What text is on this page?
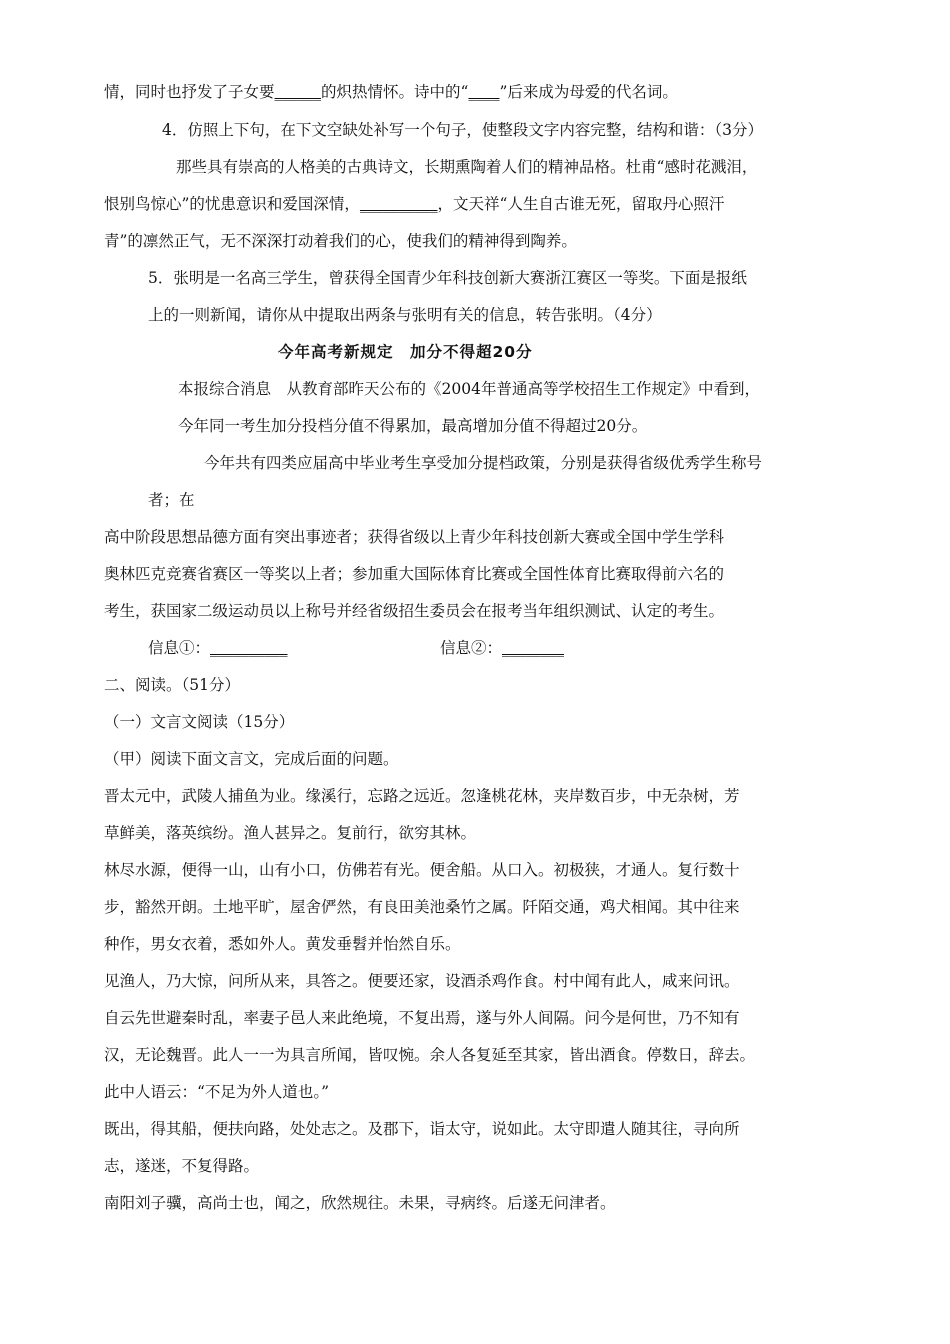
情，同时也抒发了子女要______的炽热情怀。诗中的“____”后来成为母爱的代名词。
4．仿照上下句，在下文空缺处补写一个句子，使整段文字内容完整，结构和谐：（3分）
那些具有崇高的人格美的古典诗文，长期熏陶着人们的精神品格。杜甫“感时花溅泪，
恨别鸟惊心”的忧患意识和爱国深情，__________，文天祥“人生自古谁无死，留取丹心照汗
青”的凛然正气，无不深深打动着我们的心，使我们的精神得到陶养。
5．张明是一名高三学生，曾获得全国青少年科技创新大赛浙江赛区一等奖。下面是报纸
上的一则新闻，请你从中提取出两条与张明有关的信息，转告张明。（4分）
今年高考新规定　加分不得超20分
本报综合消息　从教育部昨天公布的《2004年普通高等学校招生工作规定》中看到，
今年同一考生加分投档分值不得累加，最高增加分值不得超过20分。
今年共有四类应届高中毕业考生享受加分提档政策，分别是获得省级优秀学生称号
者；在
高中阶段思想品德方面有突出事迹者；获得省级以上青少年科技创新大赛或全国中学生学科
奥林匹克竞赛省赛区一等奖以上者；参加重大国际体育比赛或全国性体育比赛取得前六名的
考生，获国家二级运动员以上称号并经省级招生委员会在报考当年组织测试、认定的考生。
信息①：__________	信息②：________
二、阅读。（51分）
（一）文言文阅读（15分）
（甲）阅读下面文言文，完成后面的问题。
晋太元中，武陵人捕鱼为业。缘溪行，忘路之远近。忽逢桃花林，夹岸数百步，中无杂树，芳
草鲜美，落英缤纷。渔人甚异之。复前行，欲穷其林。
林尽水源，便得一山，山有小口，仿佛若有光。便舍船。从口入。初极狭，才通人。复行数十
步，豁然开朗。土地平旷，屋舍俨然，有良田美池桑竹之属。阡陌交通，鸡犬相闻。其中往来
种作，男女衣着，悉如外人。黄发垂髫并怡然自乐。
见渔人，乃大惊，问所从来，具答之。便要还家，设酒杀鸡作食。村中闻有此人，咸来问讯。
自云先世避秦时乱，率妻子邑人来此绝境，不复出焉，遂与外人间隔。问今是何世，乃不知有
汉，无论魏晋。此人一一为具言所闻，皆叹惋。余人各复延至其家，皆出酒食。停数日，辞去。
此中人语云：“不足为外人道也。”
既出，得其船，便扶向路，处处志之。及郡下，诣太守，说如此。太守即遣人随其往，寻向所
志，遂迷，不复得路。
南阳刘子骥，高尚士也，闻之，欣然规往。未果，寻病终。后遂无问津者。
